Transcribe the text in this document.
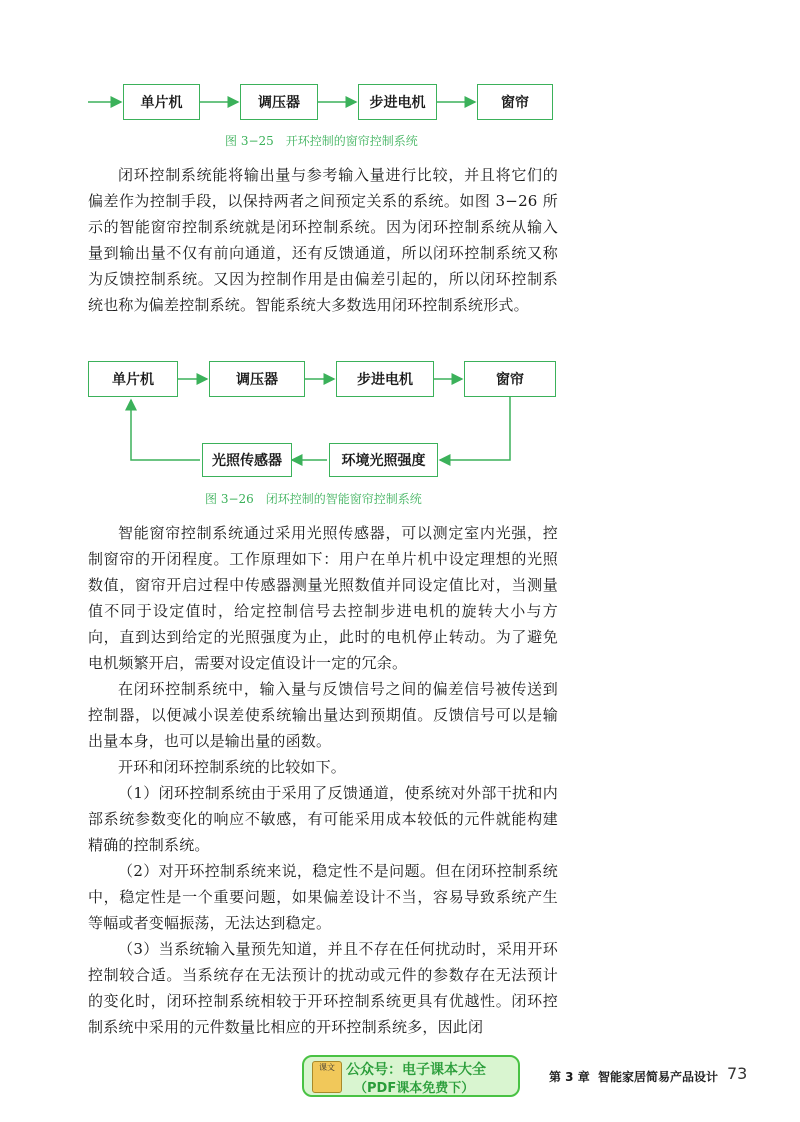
单片机	调压器	步进电机	窗帘
图 3−25　开环控制的窗帘控制系统

闭环控制系统能将输出量与参考输入量进行比较，并且将它们的偏差作为控制手段，以保持两者之间预定关系的系统。如图 3−26 所示的智能窗帘控制系统就是闭环控制系统。因为闭环控制系统从输入量到输出量不仅有前向通道，还有反馈通道，所以闭环控制系统又称为反馈控制系统。又因为控制作用是由偏差引起的，所以闭环控制系统也称为偏差控制系统。智能系统大多数选用闭环控制系统形式。

单片机	调压器	步进电机	窗帘
光照传感器	环境光照强度
图 3−26　闭环控制的智能窗帘控制系统

智能窗帘控制系统通过采用光照传感器，可以测定室内光强，控制窗帘的开闭程度。工作原理如下：用户在单片机中设定理想的光照数值，窗帘开启过程中传感器测量光照数值并同设定值比对，当测量值不同于设定值时，给定控制信号去控制步进电机的旋转大小与方向，直到达到给定的光照强度为止，此时的电机停止转动。为了避免电机频繁开启，需要对设定值设计一定的冗余。

在闭环控制系统中，输入量与反馈信号之间的偏差信号被传送到控制器，以便减小误差使系统输出量达到预期值。反馈信号可以是输出量本身，也可以是输出量的函数。

开环和闭环控制系统的比较如下。

（1）闭环控制系统由于采用了反馈通道，使系统对外部干扰和内部系统参数变化的响应不敏感，有可能采用成本较低的元件就能构建精确的控制系统。

（2）对开环控制系统来说，稳定性不是问题。但在闭环控制系统中，稳定性是一个重要问题，如果偏差设计不当，容易导致系统产生等幅或者变幅振荡，无法达到稳定。

（3）当系统输入量预先知道，并且不存在任何扰动时，采用开环控制较合适。当系统存在无法预计的扰动或元件的参数存在无法预计的变化时，闭环控制系统相较于开环控制系统更具有优越性。闭环控制系统中采用的元件数量比相应的开环控制系统多，因此闭

课文 公众号：电子课本大全
（PDF课本免费下）
第 3 章 智能家居简易产品设计 73
